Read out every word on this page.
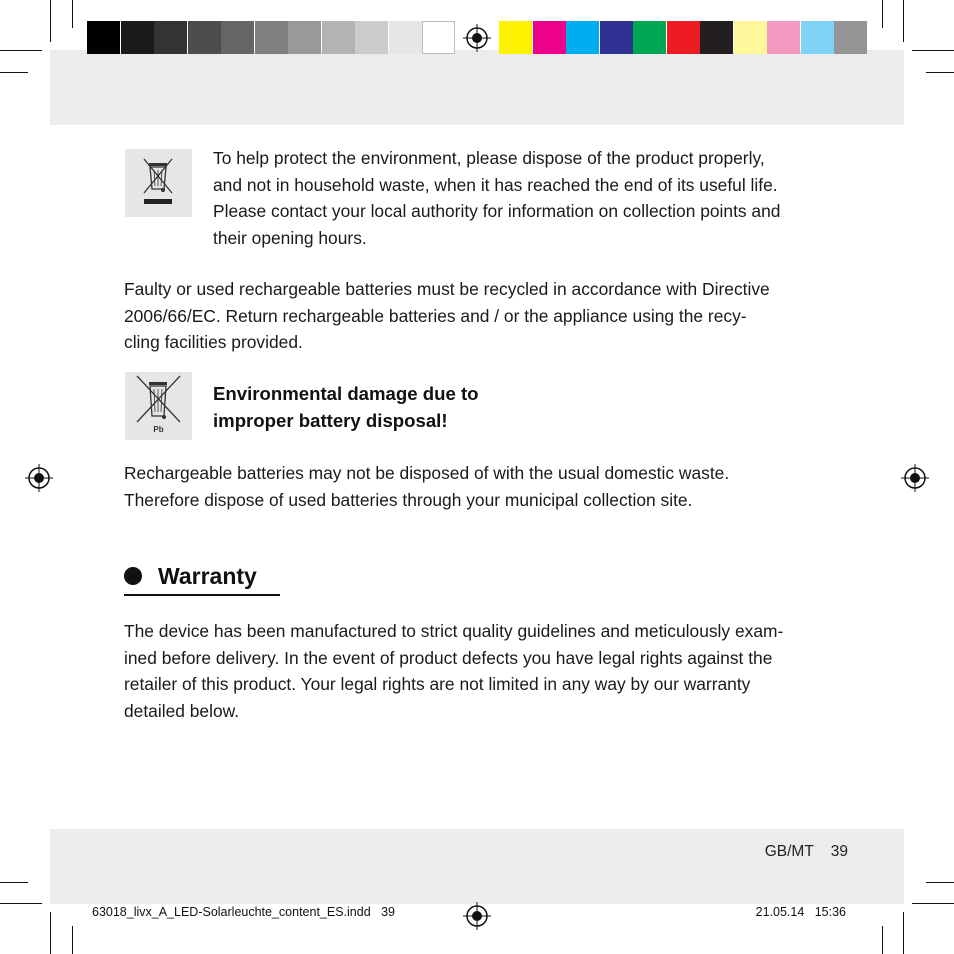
To help protect the environment, please dispose of the product properly,
and not in household waste, when it has reached the end of its useful life.
Please contact your local authority for information on collection points and
their opening hours.
Faulty or used rechargeable batteries must be recycled in accordance with Directive
2006/66/EC. Return rechargeable batteries and / or the appliance using the recy-
cling facilities provided.
Pb
Environmental damage due to
improper battery disposal!
Rechargeable batteries may not be disposed of with the usual domestic waste.
Therefore dispose of used batteries through your municipal collection site.
Warranty
The device has been manufactured to strict quality guidelines and meticulously exam-
ined before delivery. In the event of product defects you have legal rights against the
retailer of this product. Your legal rights are not limited in any way by our warranty
detailed below.
GB/MT    39
63018_livx_A_LED-Solarleuchte_content_ES.indd   39	21.05.14   15:36
